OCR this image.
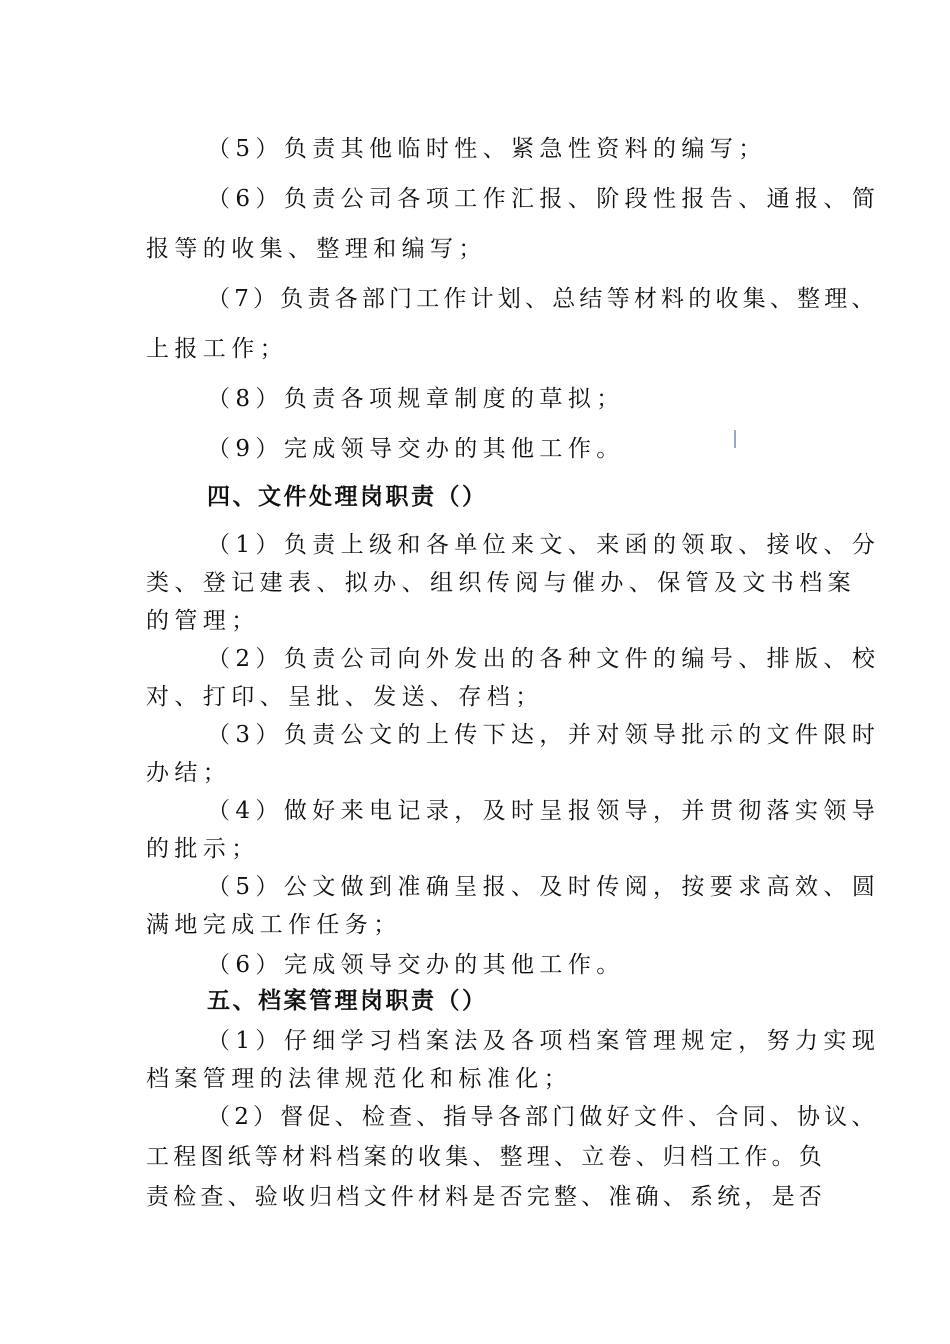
（5）负责其他临时性、紧急性资料的编写；
（6）负责公司各项工作汇报、阶段性报告、通报、简
报等的收集、整理和编写；
（7）负责各部门工作计划、总结等材料的收集、整理、
上报工作；
（8）负责各项规章制度的草拟；
（9）完成领导交办的其他工作。
四、文件处理岗职责（）
（1）负责上级和各单位来文、来函的领取、接收、分
类、登记建表、拟办、组织传阅与催办、保管及文书档案
的管理；
（2）负责公司向外发出的各种文件的编号、排版、校
对、打印、呈批、发送、存档；
（3）负责公文的上传下达，并对领导批示的文件限时
办结；
（4）做好来电记录，及时呈报领导，并贯彻落实领导
的批示；
（5）公文做到准确呈报、及时传阅，按要求高效、圆
满地完成工作任务；
（6）完成领导交办的其他工作。
五、档案管理岗职责（）
（1）仔细学习档案法及各项档案管理规定，努力实现
档案管理的法律规范化和标准化；
（2）督促、检查、指导各部门做好文件、合同、协议、
工程图纸等材料档案的收集、整理、立卷、归档工作。负
责检查、验收归档文件材料是否完整、准确、系统，是否
